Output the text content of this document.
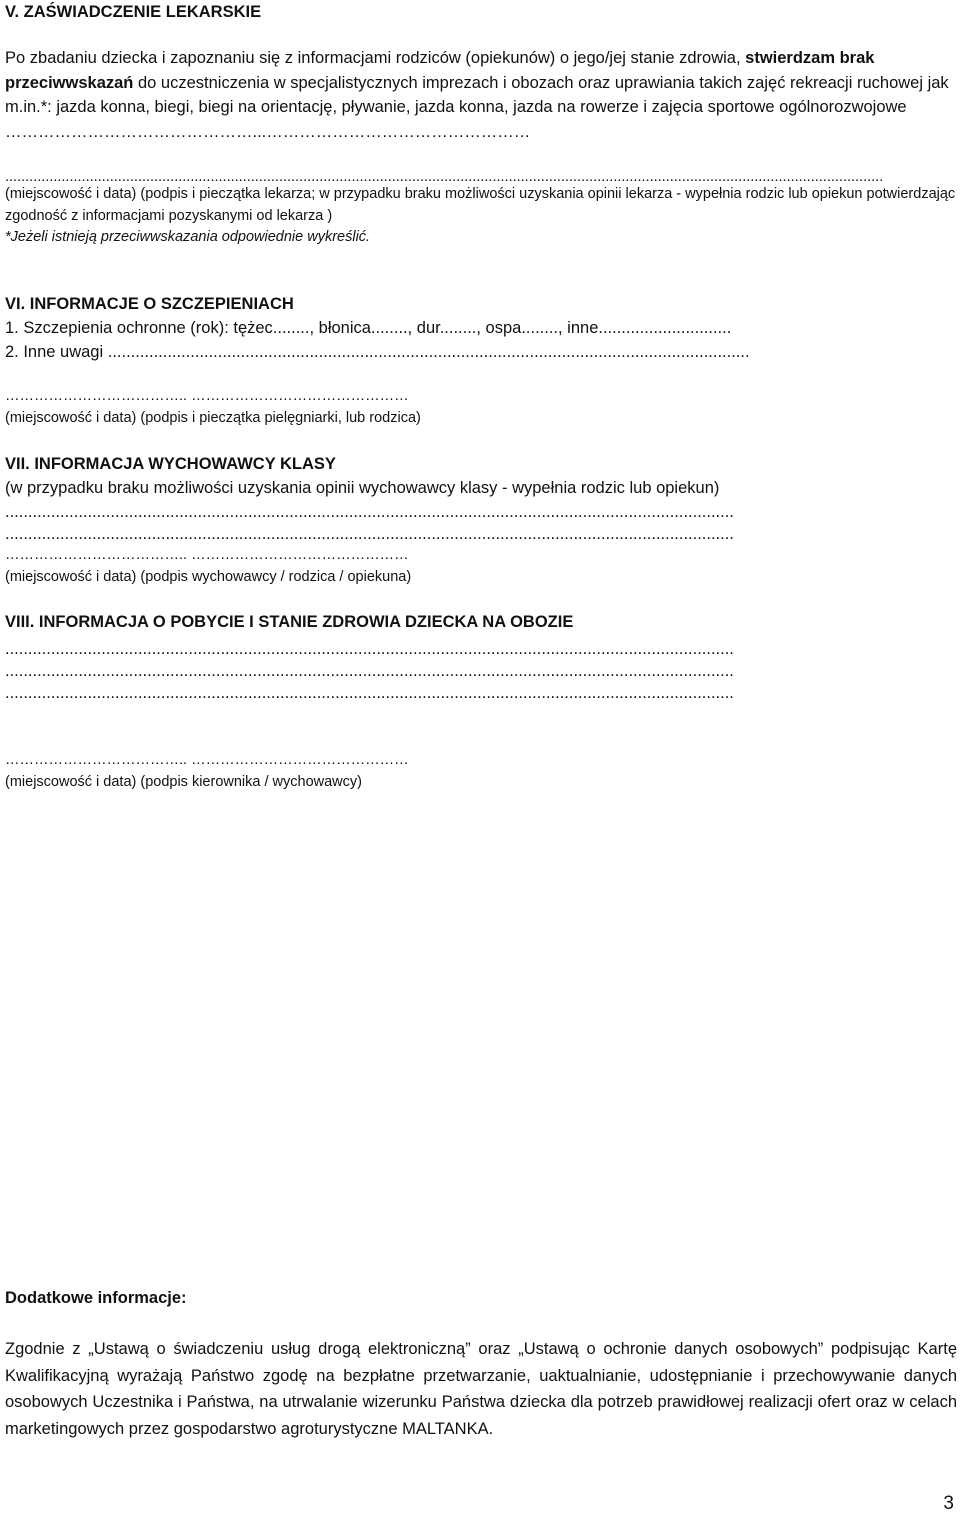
V. ZAŚWIADCZENIE LEKARSKIE
Po zbadaniu dziecka i zapoznaniu się z informacjami rodziców (opiekunów) o jego/jej stanie zdrowia, stwierdzam brak przeciwwskazań do uczestniczenia w specjalistycznych imprezach i obozach oraz uprawiania takich zajęć rekreacji ruchowej jak m.in.*: jazda konna, biegi, biegi na orientację, pływanie, jazda konna, jazda na rowerze i zajęcia sportowe ogólnorozwojowe ………………………………………...…………………………………………
..........................................................................................................................................................................................................................
(miejscowość i data) (podpis i pieczątka lekarza; w przypadku braku możliwości uzyskania opinii lekarza - wypełnia rodzic lub opiekun potwierdzając zgodność z informacjami pozyskanymi od lekarza )
*Jeżeli istnieją przeciwwskazania odpowiednie wykreślić.
VI. INFORMACJE O SZCZEPIENIACH
1. Szczepienia ochronne (rok): tężec........, błonica........, dur........, ospa........, inne.............................
2. Inne uwagi ............................................................................................................................................
……………………………….. ………………………………………
(miejscowość i data) (podpis i pieczątka pielęgniarki, lub rodzica)
VII. INFORMACJA WYCHOWAWCY KLASY
(w przypadku braku możliwości uzyskania opinii wychowawcy klasy - wypełnia rodzic lub opiekun)
...............................................................................................................................................................
...............................................................................................................................................................
……………………………….. ………………………………………
(miejscowość i data) (podpis wychowawcy / rodzica / opiekuna)
VIII. INFORMACJA O POBYCIE I STANIE ZDROWIA DZIECKA NA OBOZIE
...............................................................................................................................................................
...............................................................................................................................................................
...............................................................................................................................................................
……………………………….. ………………………………………
(miejscowość i data) (podpis kierownika / wychowawcy)
Dodatkowe informacje:
Zgodnie z „Ustawą o świadczeniu usług drogą elektroniczną” oraz „Ustawą o ochronie danych osobowych” podpisując Kartę Kwalifikacyjną wyrażają Państwo zgodę na bezpłatne przetwarzanie, uaktualnianie, udostępnianie i przechowywanie danych osobowych Uczestnika i Państwa, na utrwalanie wizerunku Państwa dziecka dla potrzeb prawidłowej realizacji ofert oraz w celach marketingowych przez gospodarstwo agroturystyczne MALTANKA.
3
